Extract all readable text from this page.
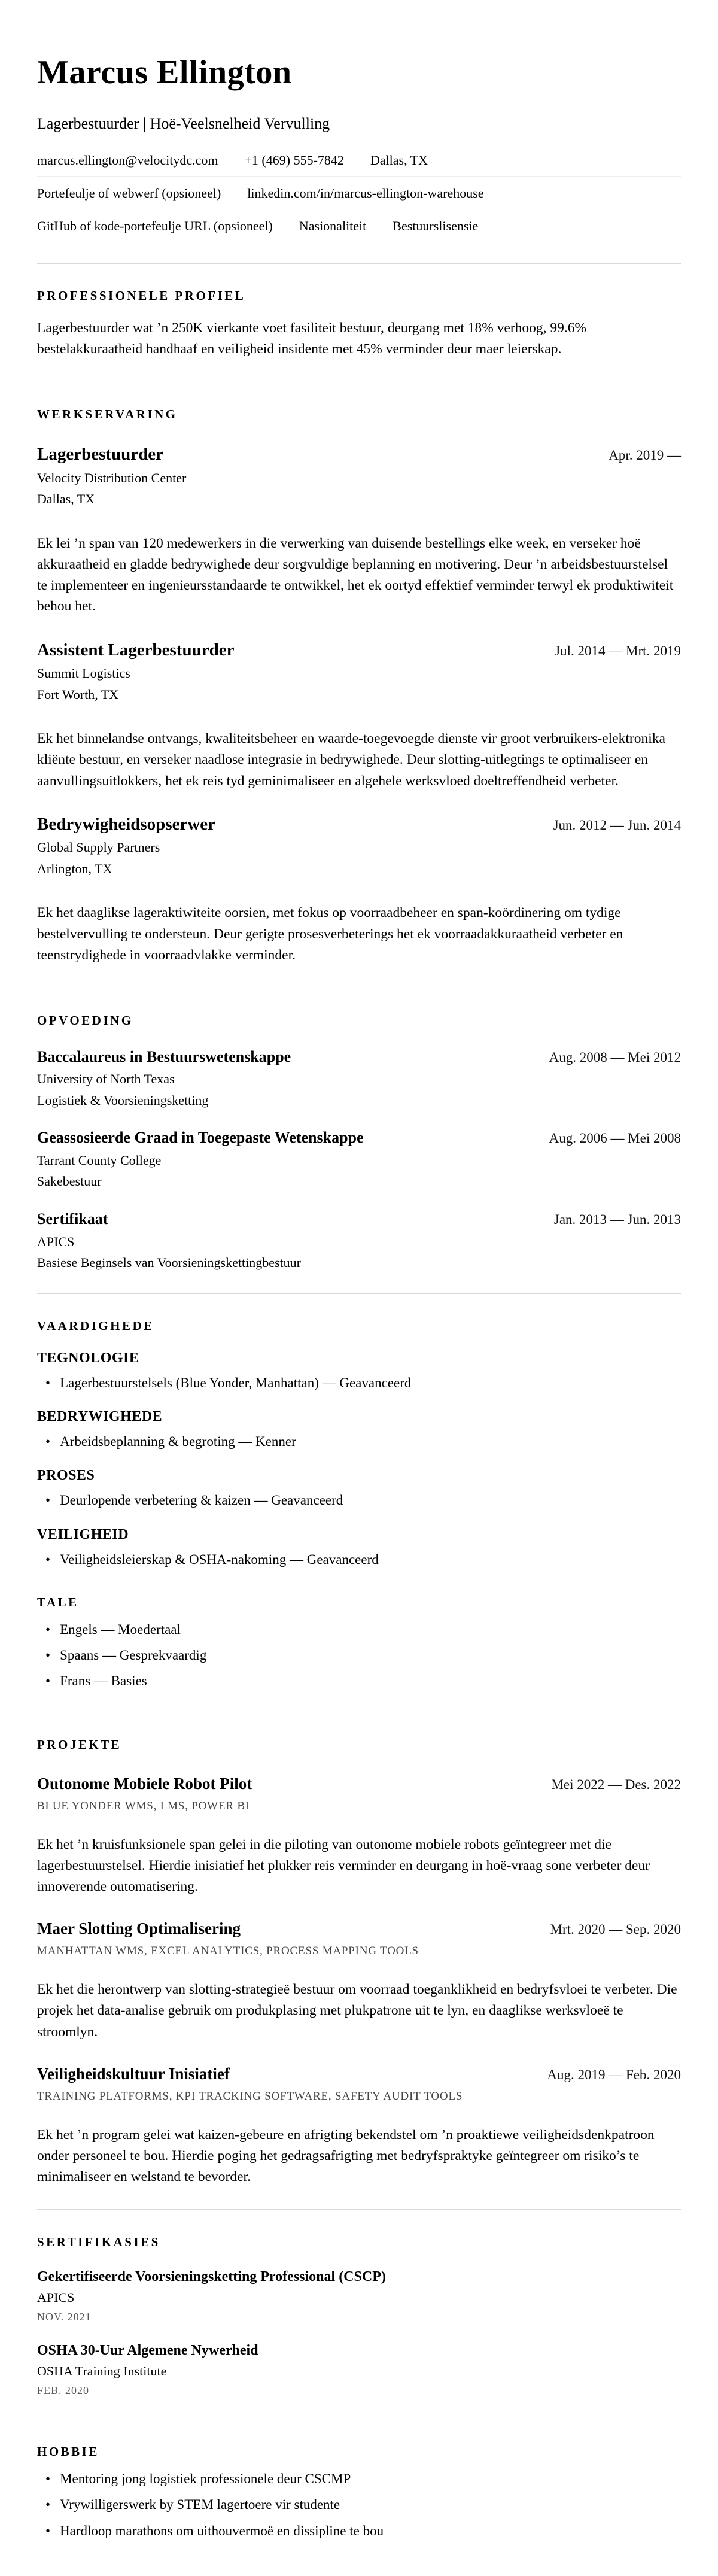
Marcus Ellington
Lagerbestuurder | Hoë-Veelsnelheid Vervulling
marcus.ellington@velocitydc.com +1 (469) 555-7842 Dallas, TX
Portefeulje of webwerf (opsioneel) linkedin.com/in/marcus-ellington-warehouse
GitHub of kode-portefeulje URL (opsioneel) Nasionaliteit Bestuurslisensie
PROFESSIONELE PROFIEL

Lagerbestuurder wat ’n 250K vierkante voet fasiliteit bestuur, deurgang met 18% verhoog, 99.6% bestelakkuraatheid handhaaf en veiligheid insidente met 45% verminder deur maer leierskap.

WERKSERVARING
Lagerbestuurder	Apr. 2019 —
Velocity Distribution Center
Dallas, TX

Ek lei ’n span van 120 medewerkers in die verwerking van duisende bestellings elke week, en verseker hoë akkuraatheid en gladde bedrywighede deur sorgvuldige beplanning en motivering. Deur ’n arbeidsbestuurstelsel te implementeer en ingenieursstandaarde te ontwikkel, het ek oortyd effektief verminder terwyl ek produktiwiteit behou het.

Assistent Lagerbestuurder	Jul. 2014 — Mrt. 2019
Summit Logistics
Fort Worth, TX

Ek het binnelandse ontvangs, kwaliteitsbeheer en waarde-toegevoegde dienste vir groot verbruikers-elektronika kliënte bestuur, en verseker naadlose integrasie in bedrywighede. Deur slotting-uitlegtings te optimaliseer en aanvullingsuitlokkers, het ek reis tyd geminimaliseer en algehele werksvloed doeltreffendheid verbeter.

Bedrywigheidsopserwer	Jun. 2012 — Jun. 2014
Global Supply Partners
Arlington, TX

Ek het daaglikse lageraktiwiteite oorsien, met fokus op voorraadbeheer en span-koördinering om tydige bestelvervulling te ondersteun. Deur gerigte prosesverbeterings het ek voorraadakkuraatheid verbeter en teenstrydighede in voorraadvlakke verminder.

OPVOEDING
Baccalaureus in Bestuurswetenskappe	Aug. 2008 — Mei 2012
University of North Texas
Logistiek & Voorsieningsketting
Geassosieerde Graad in Toegepaste Wetenskappe	Aug. 2006 — Mei 2008
Tarrant County College
Sakebestuur
Sertifikaat	Jan. 2013 — Jun. 2013
APICS
Basiese Beginsels van Voorsieningskettingbestuur
VAARDIGHEDE
TEGNOLOGIE
•
Lagerbestuurstelsels (Blue Yonder, Manhattan) — Geavanceerd
BEDRYWIGHEDE
•
Arbeidsbeplanning & begroting — Kenner
PROSES
•
Deurlopende verbetering & kaizen — Geavanceerd
VEILIGHEID
•
Veiligheidsleierskap & OSHA-nakoming — Geavanceerd
TALE
•
Engels — Moedertaal
•
Spaans — Gesprekvaardig
•
Frans — Basies
PROJEKTE
Outonome Mobiele Robot Pilot	Mei 2022 — Des. 2022
BLUE YONDER WMS, LMS, POWER BI

Ek het ’n kruisfunksionele span gelei in die piloting van outonome mobiele robots geïntegreer met die lagerbestuurstelsel. Hierdie inisiatief het plukker reis verminder en deurgang in hoë-vraag sone verbeter deur innoverende outomatisering.

Maer Slotting Optimalisering	Mrt. 2020 — Sep. 2020
MANHATTAN WMS, EXCEL ANALYTICS, PROCESS MAPPING TOOLS

Ek het die herontwerp van slotting-strategieë bestuur om voorraad toeganklikheid en bedryfsvloei te verbeter. Die projek het data-analise gebruik om produkplasing met plukpatrone uit te lyn, en daaglikse werksvloeë te stroomlyn.

Veiligheidskultuur Inisiatief	Aug. 2019 — Feb. 2020
TRAINING PLATFORMS, KPI TRACKING SOFTWARE, SAFETY AUDIT TOOLS

Ek het ’n program gelei wat kaizen-gebeure en afrigting bekendstel om ’n proaktiewe veiligheidsdenkpatroon onder personeel te bou. Hierdie poging het gedragsafrigting met bedryfspraktyke geïntegreer om risiko’s te minimaliseer en welstand te bevorder.

SERTIFIKASIES
Gekertifiseerde Voorsieningsketting Professional (CSCP)
APICS
NOV. 2021
OSHA 30-Uur Algemene Nywerheid
OSHA Training Institute
FEB. 2020
HOBBIE
•
Mentoring jong logistiek professionele deur CSCMP
•
Vrywilligerswerk by STEM lagertoere vir studente
•
Hardloop marathons om uithouvermoë en dissipline te bou
